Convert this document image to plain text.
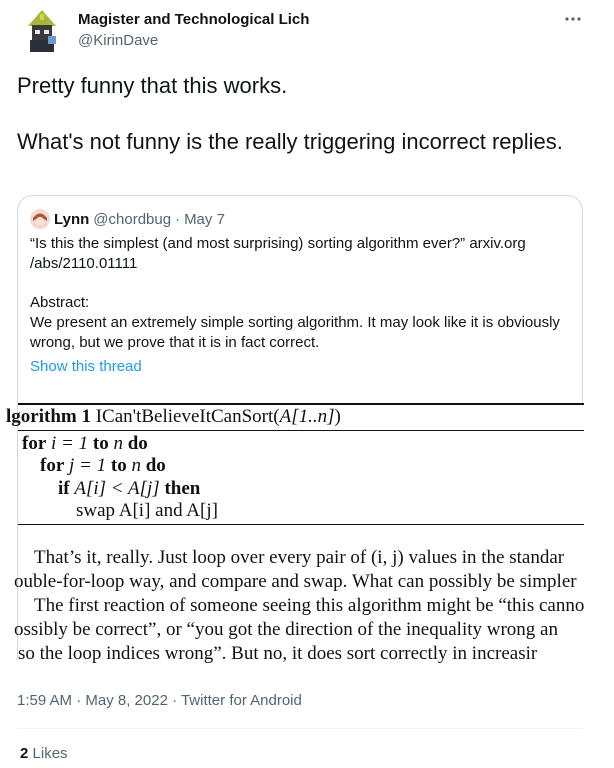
Magister and Technological Lich
@KirinDave

Pretty funny that this works.

What's not funny is the really triggering incorrect replies.

Lynn @chordbug · May 7
“Is this the simplest (and most surprising) sorting algorithm ever?” arxiv.org
/abs/2110.01111
Abstract:
We present an extremely simple sorting algorithm. It may look like it is obviously wrong, but we prove that it is in fact correct.
Show this thread
lgorithm 1 ICan'tBelieveItCanSort(A[1..n])
for i = 1 to n do
for j = 1 to n do
if A[i] < A[j] then
swap A[i] and A[j]
That’s it, really. Just loop over every pair of (i, j) values in the standar
ouble-for-loop way, and compare and swap. What can possibly be simpler
The first reaction of someone seeing this algorithm might be “this canno
ossibly be correct”, or “you got the direction of the inequality wrong an
so the loop indices wrong”. But no, it does sort correctly in increasir
1:59 AM · May 8, 2022 · Twitter for Android
2 Likes
